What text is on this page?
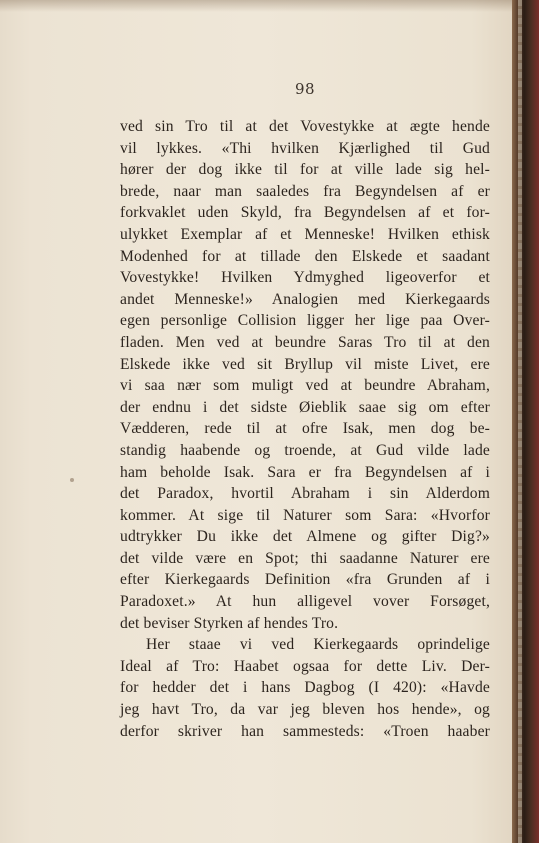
98
ved sin Tro til at det Vovestykke at ægte hende
vil lykkes. «Thi hvilken Kjærlighed til Gud
hører der dog ikke til for at ville lade sig hel-
brede, naar man saaledes fra Begyndelsen af er
forkvaklet uden Skyld, fra Begyndelsen af et for-
ulykket Exemplar af et Menneske! Hvilken ethisk
Modenhed for at tillade den Elskede et saadant
Vovestykke! Hvilken Ydmyghed ligeoverfor et
andet Menneske!» Analogien med Kierkegaards
egen personlige Collision ligger her lige paa Over-
fladen. Men ved at beundre Saras Tro til at den
Elskede ikke ved sit Bryllup vil miste Livet, ere
vi saa nær som muligt ved at beundre Abraham,
der endnu i det sidste Øieblik saae sig om efter
Vædderen, rede til at ofre Isak, men dog be-
standig haabende og troende, at Gud vilde lade
ham beholde Isak. Sara er fra Begyndelsen af i
det Paradox, hvortil Abraham i sin Alderdom
kommer. At sige til Naturer som Sara: «Hvorfor
udtrykker Du ikke det Almene og gifter Dig?»
det vilde være en Spot; thi saadanne Naturer ere
efter Kierkegaards Definition «fra Grunden af i
Paradoxet.» At hun alligevel vover Forsøget,
det beviser Styrken af hendes Tro.
Her staae vi ved Kierkegaards oprindelige
Ideal af Tro: Haabet ogsaa for dette Liv. Der-
for hedder det i hans Dagbog (I 420): «Havde
jeg havt Tro, da var jeg bleven hos hende», og
derfor skriver han sammesteds: «Troen haaber
